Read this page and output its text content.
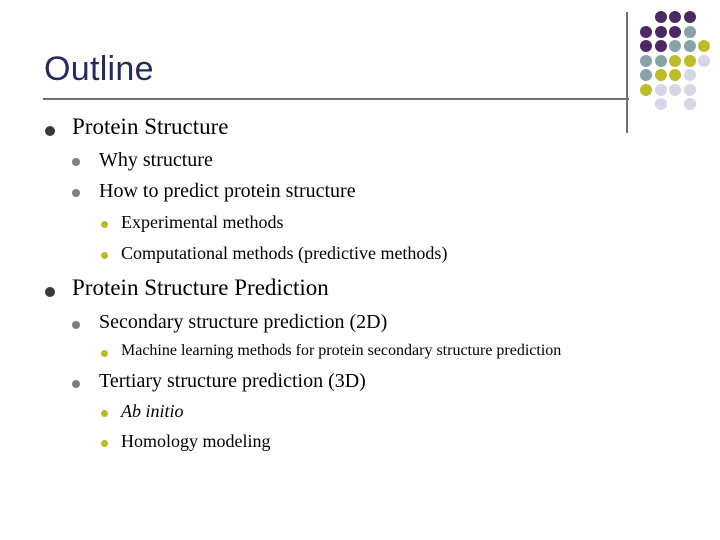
Outline
Protein Structure
Why structure
How to predict protein structure
Experimental methods
Computational methods (predictive methods)
Protein Structure Prediction
Secondary structure prediction (2D)
Machine learning methods for protein secondary structure prediction
Tertiary structure prediction (3D)
Ab initio
Homology modeling
